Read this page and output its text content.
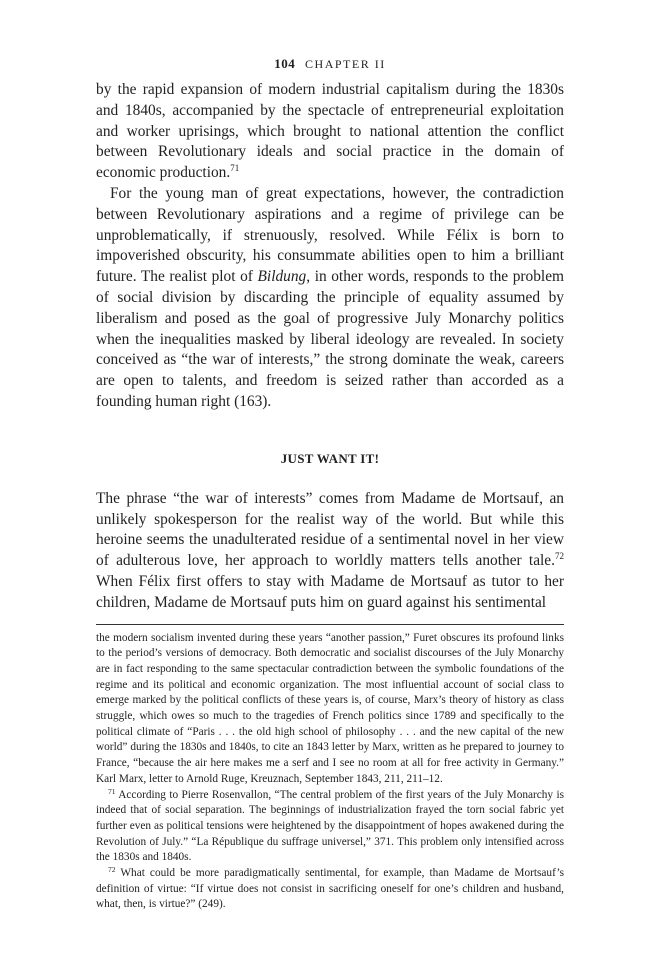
104 CHAPTER II

by the rapid expansion of modern industrial capitalism during the 1830s and 1840s, accompanied by the spectacle of entrepreneurial exploitation and worker uprisings, which brought to national attention the conflict between Revolutionary ideals and social practice in the domain of economic production.$^{71}$

For the young man of great expectations, however, the contradiction between Revolutionary aspirations and a regime of privilege can be unproblematically, if strenuously, resolved. While Félix is born to impoverished obscurity, his consummate abilities open to him a brilliant future. The realist plot of Bildung, in other words, responds to the problem of social division by discarding the principle of equality assumed by liberalism and posed as the goal of progressive July Monarchy politics when the inequalities masked by liberal ideology are revealed. In society conceived as “the war of interests,” the strong dominate the weak, careers are open to talents, and freedom is seized rather than accorded as a founding human right (163).

JUST WANT IT!

The phrase “the war of interests” comes from Madame de Mortsauf, an unlikely spokesperson for the realist way of the world. But while this heroine seems the unadulterated residue of a sentimental novel in her view of adulterous love, her approach to worldly matters tells another tale.$^{72}$ When Félix first offers to stay with Madame de Mortsauf as tutor to her children, Madame de Mortsauf puts him on guard against his sentimental

the modern socialism invented during these years “another passion,” Furet obscures its profound links to the period’s versions of democracy. Both democratic and socialist discourses of the July Monarchy are in fact responding to the same spectacular contradiction between the symbolic foundations of the regime and its political and economic organization. The most influential account of social class to emerge marked by the political conflicts of these years is, of course, Marx’s theory of history as class struggle, which owes so much to the tragedies of French politics since 1789 and specifically to the political climate of “Paris . . . the old high school of philosophy . . . and the new capital of the new world” during the 1830s and 1840s, to cite an 1843 letter by Marx, written as he prepared to journey to France, “because the air here makes me a serf and I see no room at all for free activity in Germany.” Karl Marx, letter to Arnold Ruge, Kreuznach, September 1843, 211, 211–12.

$^{71}$ According to Pierre Rosenvallon, “The central problem of the first years of the July Monarchy is indeed that of social separation. The beginnings of industrialization frayed the torn social fabric yet further even as political tensions were heightened by the disappointment of hopes awakened during the Revolution of July.” “La République du suffrage universel,” 371. This problem only intensified across the 1830s and 1840s.

$^{72}$ What could be more paradigmatically sentimental, for example, than Madame de Mortsauf’s definition of virtue: “If virtue does not consist in sacrificing oneself for one’s children and husband, what, then, is virtue?” (249).
